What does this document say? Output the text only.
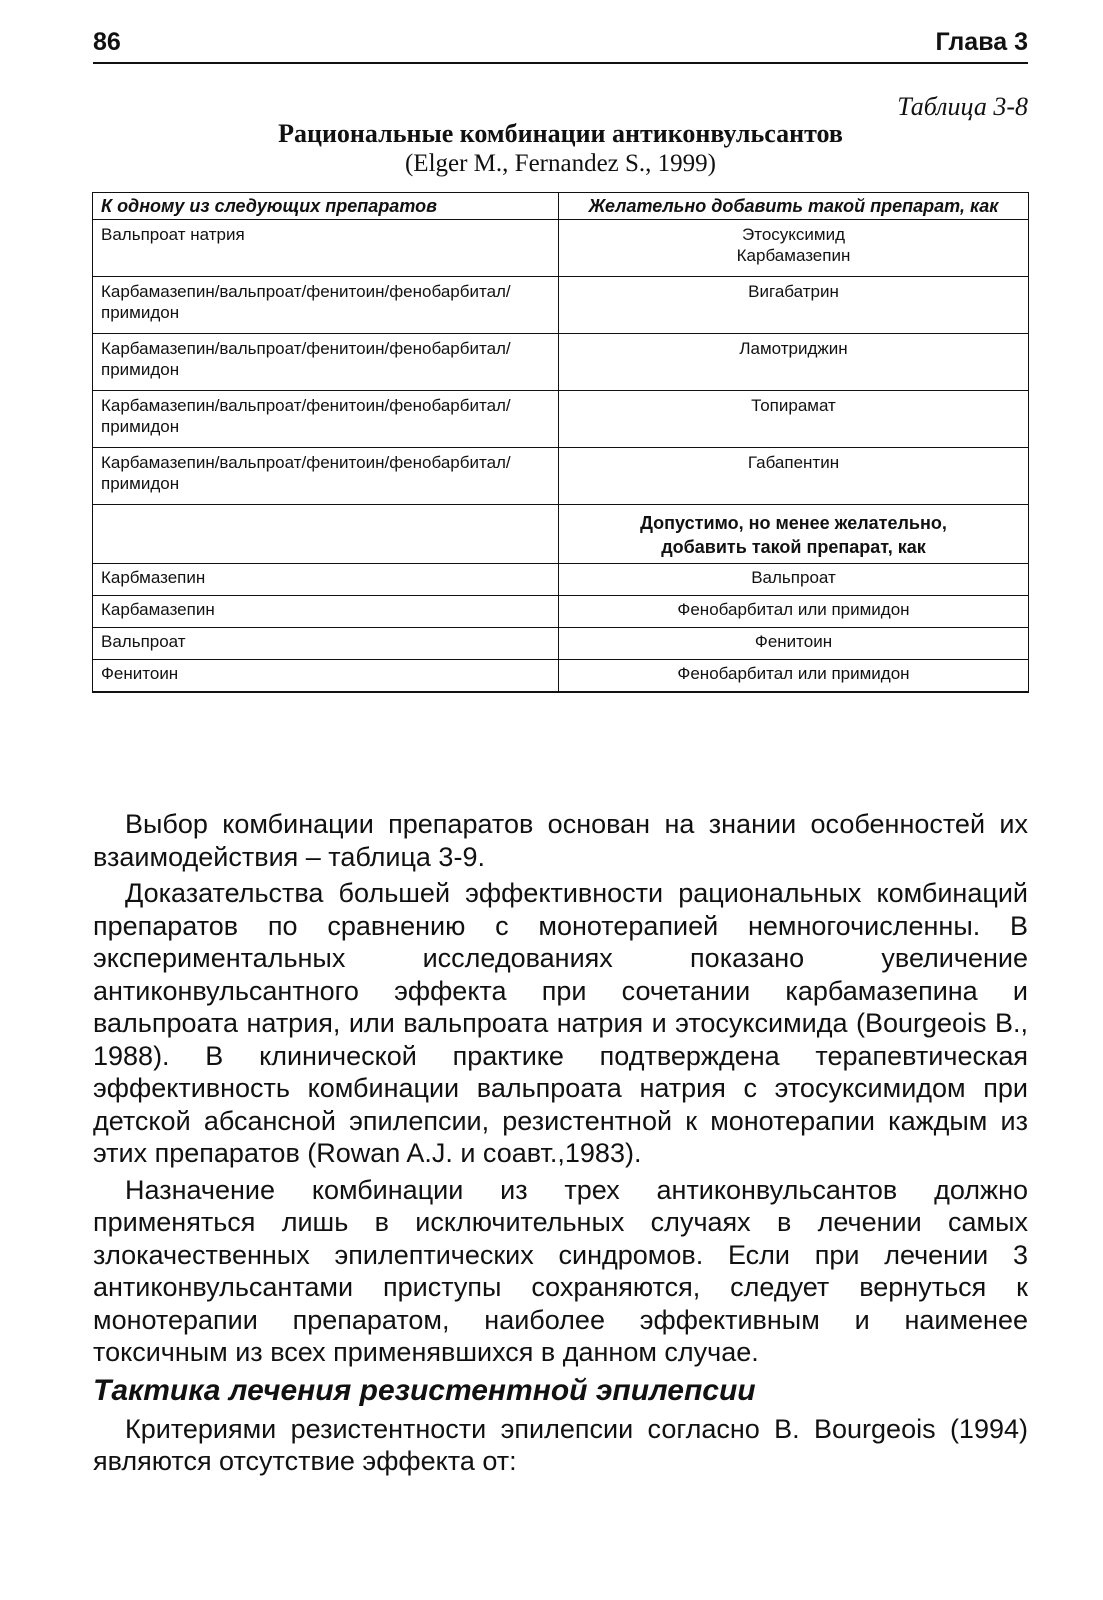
86	Глава 3
Таблица 3-8
Рациональные комбинации антиконвульсантов
(Elger M., Fernandez S., 1999)
К одному из следующих препаратов	Желательно добавить такой препарат, как
Вальпроат натрия	Этосуксимид
Карбамазепин

Карбамазепин/вальпроат/фенитоин/фенобарбитал/
примидон	Вигабатрин

Карбамазепин/вальпроат/фенитоин/фенобарбитал/
примидон	Ламотриджин

Карбамазепин/вальпроат/фенитоин/фенобарбитал/
примидон	Топирамат

Карбамазепин/вальпроат/фенитоин/фенобарбитал/
примидон	Габапентин

	Допустимо, но менее желательно,
добавить такой препарат, как

Карбмазепин	Вальпроат
Карбамазепин	Фенобарбитал или примидон
Вальпроат	Фенитоин
Фенитоин	Фенобарбитал или примидон

Выбор комбинации препаратов основан на знании особенностей их взаимодействия – таблица 3-9.

Доказательства большей эффективности рациональных комбинаций препаратов по сравнению с монотерапией немногочисленны. В экспериментальных исследованиях показано увеличение антиконвульсантного эффекта при сочетании карбамазепина и вальпроата натрия, или вальпроата натрия и этосуксимида (Bourgeois B., 1988). В клинической практике подтверждена терапевтическая эффективность комбинации вальпроата натрия с этосуксимидом при детской абсансной эпилепсии, резистентной к монотерапии каждым из этих препаратов (Rowan A.J. и соавт.,1983).

Назначение комбинации из трех антиконвульсантов должно применяться лишь в исключительных случаях в лечении самых злокачественных эпилептических синдромов. Если при лечении 3 антиконвульсантами приступы сохраняются, следует вернуться к монотерапии препаратом, наиболее эффективным и наименее токсичным из всех применявшихся в данном случае.

Тактика лечения резистентной эпилепсии

Критериями резистентности эпилепсии согласно B. Bourgeois (1994) являются отсутствие эффекта от:
